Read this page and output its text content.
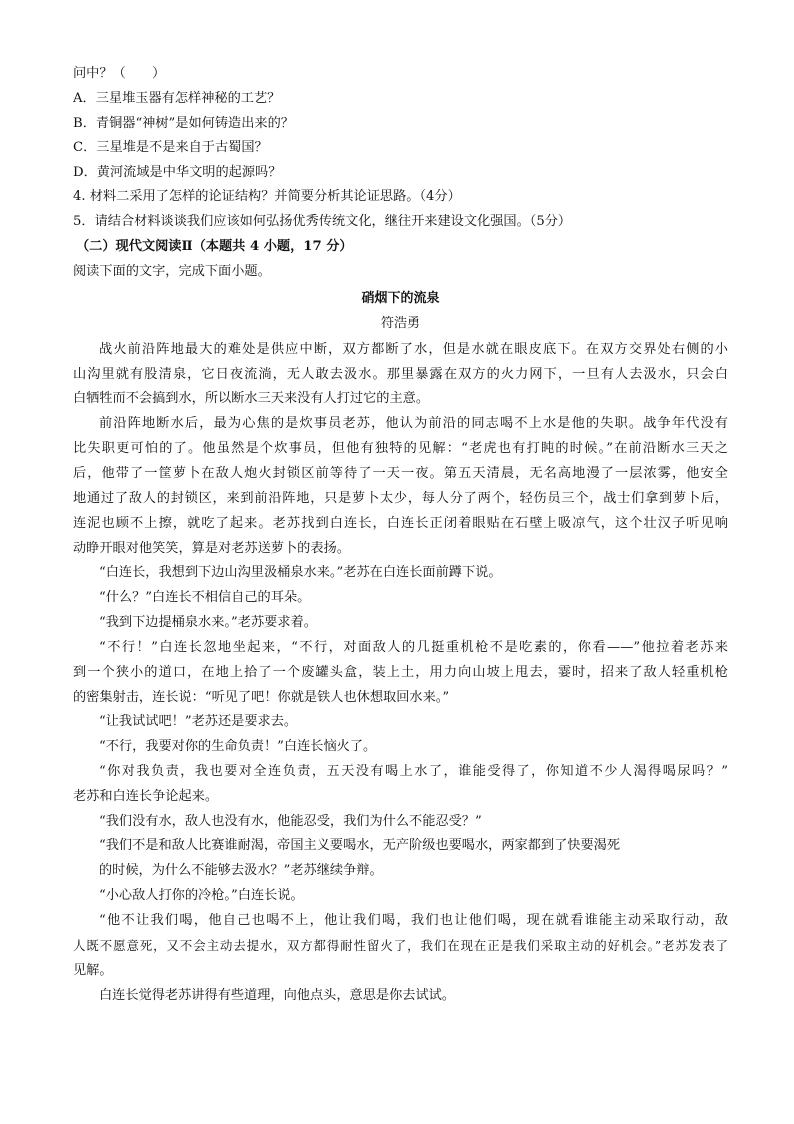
问中？（　　）
A．三星堆玉器有怎样神秘的工艺？
B．青铜器“神树”是如何铸造出来的？
C．三星堆是不是来自于古蜀国？
D．黄河流域是中华文明的起源吗？
4. 材料二采用了怎样的论证结构？并简要分析其论证思路。（4分）
5．请结合材料谈谈我们应该如何弘扬优秀传统文化，继往开来建设文化强国。（5分）
（二）现代文阅读Ⅱ（本题共 4 小题，17 分）
阅读下面的文字，完成下面小题。
硝烟下的流泉
符浩勇
战火前沿阵地最大的难处是供应中断，双方都断了水，但是水就在眼皮底下。在双方交界处右侧的小
山沟里就有股清泉，它日夜流淌，无人敢去汲水。那里暴露在双方的火力网下，一旦有人去汲水，只会白
白牺牲而不会搞到水，所以断水三天来没有人打过它的主意。
前沿阵地断水后，最为心焦的是炊事员老苏，他认为前沿的同志喝不上水是他的失职。战争年代没有
比失职更可怕的了。他虽然是个炊事员，但他有独特的见解：“老虎也有打盹的时候。”在前沿断水三天之
后，他带了一筐萝卜在敌人炮火封锁区前等待了一天一夜。第五天清晨，无名高地漫了一层浓雾，他安全
地通过了敌人的封锁区，来到前沿阵地，只是萝卜太少，每人分了两个，轻伤员三个，战士们拿到萝卜后，
连泥也顾不上擦，就吃了起来。老苏找到白连长，白连长正闭着眼贴在石壁上吸凉气，这个壮汉子听见响
动睁开眼对他笑笑，算是对老苏送萝卜的表扬。
“白连长，我想到下边山沟里汲桶泉水来。”老苏在白连长面前蹲下说。
“什么？”白连长不相信自己的耳朵。
“我到下边提桶泉水来。”老苏要求着。
“不行！”白连长忽地坐起来，“不行，对面敌人的几挺重机枪不是吃素的，你看——”他拉着老苏来
到一个狭小的道口，在地上拾了一个废罐头盒，装上土，用力向山坡上甩去，霎时，招来了敌人轻重机枪
的密集射击，连长说：“听见了吧！你就是铁人也休想取回水来。”
“让我试试吧！”老苏还是要求去。
“不行，我要对你的生命负责！”白连长恼火了。
“你对我负责，我也要对全连负责，五天没有喝上水了，谁能受得了，你知道不少人渴得喝尿吗？”
老苏和白连长争论起来。
“我们没有水，敌人也没有水，他能忍受，我们为什么不能忍受？”
“我们不是和敌人比赛谁耐渴，帝国主义要喝水，无产阶级也要喝水，两家都到了快要渴死
的时候，为什么不能够去汲水？”老苏继续争辩。
“小心敌人打你的冷枪。”白连长说。
“他不让我们喝，他自己也喝不上，他让我们喝，我们也让他们喝，现在就看谁能主动采取行动，敌
人既不愿意死，又不会主动去提水，双方都得耐性留火了，我们在现在正是我们采取主动的好机会。”老苏发表了
见解。
白连长觉得老苏讲得有些道理，向他点头，意思是你去试试。
